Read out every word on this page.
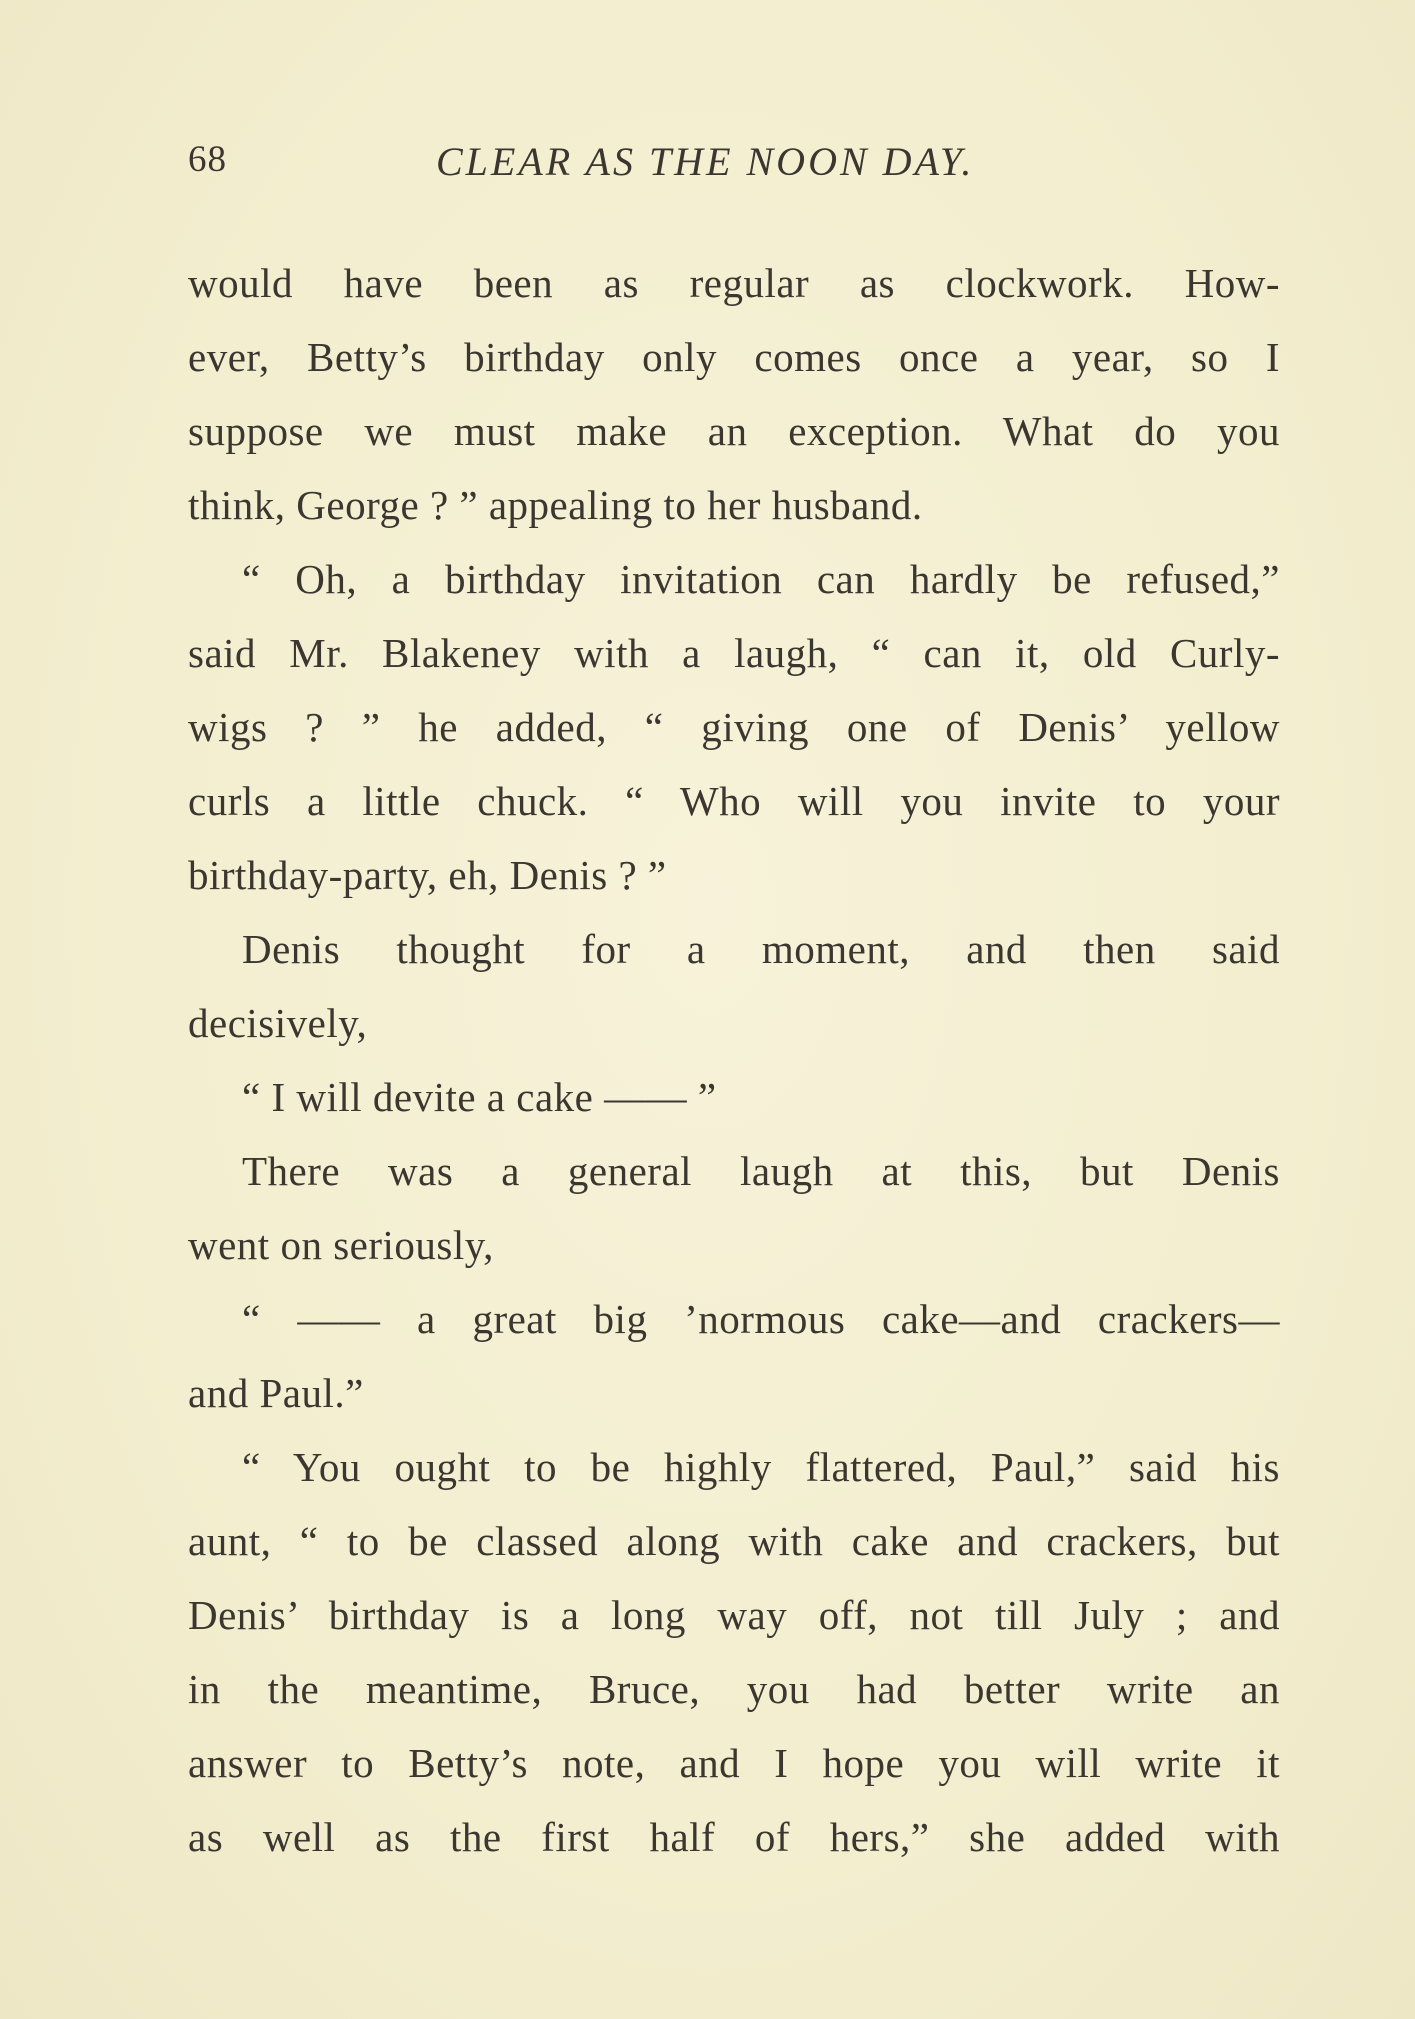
68	CLEAR AS THE NOON DAY.
would have been as regular as clockwork. How-
ever, Betty’s birthday only comes once a year, so I
suppose we must make an exception. What do you
think, George ? ” appealing to her husband.
“ Oh, a birthday invitation can hardly be refused,”
said Mr. Blakeney with a laugh, “ can it, old Curly-
wigs ? ” he added, “ giving one of Denis’ yellow
curls a little chuck. “ Who will you invite to your
birthday-party, eh, Denis ? ”
Denis thought for a moment, and then said
decisively,
“ I will devite a cake —— ”
There was a general laugh at this, but Denis
went on seriously,
“ —— a great big ’normous cake—and crackers—
and Paul.”
“ You ought to be highly flattered, Paul,” said his
aunt, “ to be classed along with cake and crackers, but
Denis’ birthday is a long way off, not till July ; and
in the meantime, Bruce, you had better write an
answer to Betty’s note, and I hope you will write it
as well as the first half of hers,” she added with
